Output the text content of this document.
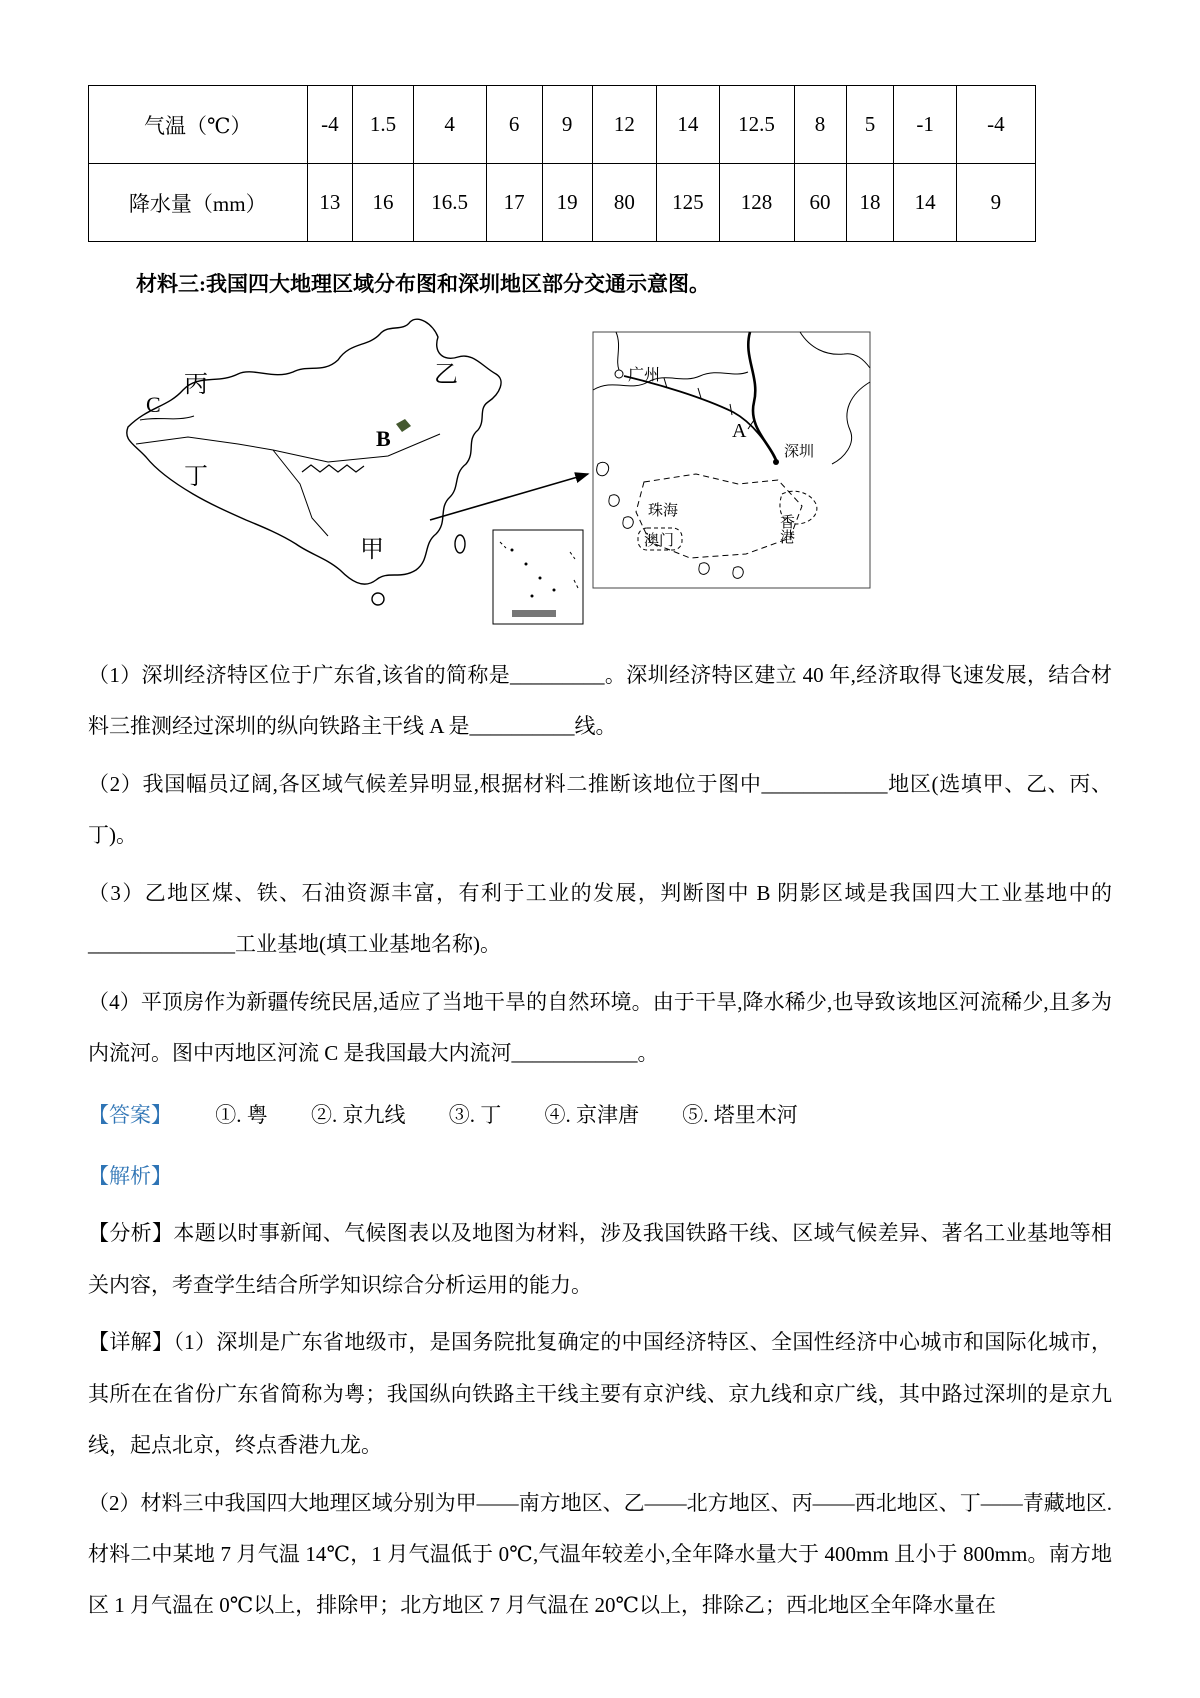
气温（℃）	-4	1.5	4	6	9	12	14	12.5	8	5	-1	-4
降水量（mm）	13	16	16.5	17	19	80	125	128	60	18	14	9

材料三:我国四大地理区域分布图和深圳地区部分交通示意图。

丙
C
乙
B
丁
甲
广州
A
深圳
珠海
香港
澳门

（1）深圳经济特区位于广东省,该省的简称是_________。深圳经济特区建立 40 年,经济取得飞速发展，结合材料三推测经过深圳的纵向铁路主干线 A 是__________线。

（2）我国幅员辽阔,各区域气候差异明显,根据材料二推断该地位于图中____________地区(选填甲、乙、丙、丁)。

（3）乙地区煤、铁、石油资源丰富，有利于工业的发展，判断图中 B 阴影区域是我国四大工业基地中的______________工业基地(填工业基地名称)。

（4）平顶房作为新疆传统民居,适应了当地干旱的自然环境。由于干旱,降水稀少,也导致该地区河流稀少,且多为内流河。图中丙地区河流 C 是我国最大内流河____________。

【答案】 ①. 粤 ②. 京九线 ③. 丁 ④. 京津唐 ⑤. 塔里木河

【解析】

【分析】本题以时事新闻、气候图表以及地图为材料，涉及我国铁路干线、区域气候差异、著名工业基地等相关内容，考查学生结合所学知识综合分析运用的能力。

【详解】（1）深圳是广东省地级市，是国务院批复确定的中国经济特区、全国性经济中心城市和国际化城市，其所在在省份广东省简称为粤；我国纵向铁路主干线主要有京沪线、京九线和京广线，其中路过深圳的是京九线，起点北京，终点香港九龙。

（2）材料三中我国四大地理区域分别为甲——南方地区、乙——北方地区、丙——西北地区、丁——青藏地区.材料二中某地 7 月气温 14℃，1 月气温低于 0℃,气温年较差小,全年降水量大于 400mm 且小于 800mm。南方地区 1 月气温在 0℃以上，排除甲；北方地区 7 月气温在 20℃以上，排除乙；西北地区全年降水量在
